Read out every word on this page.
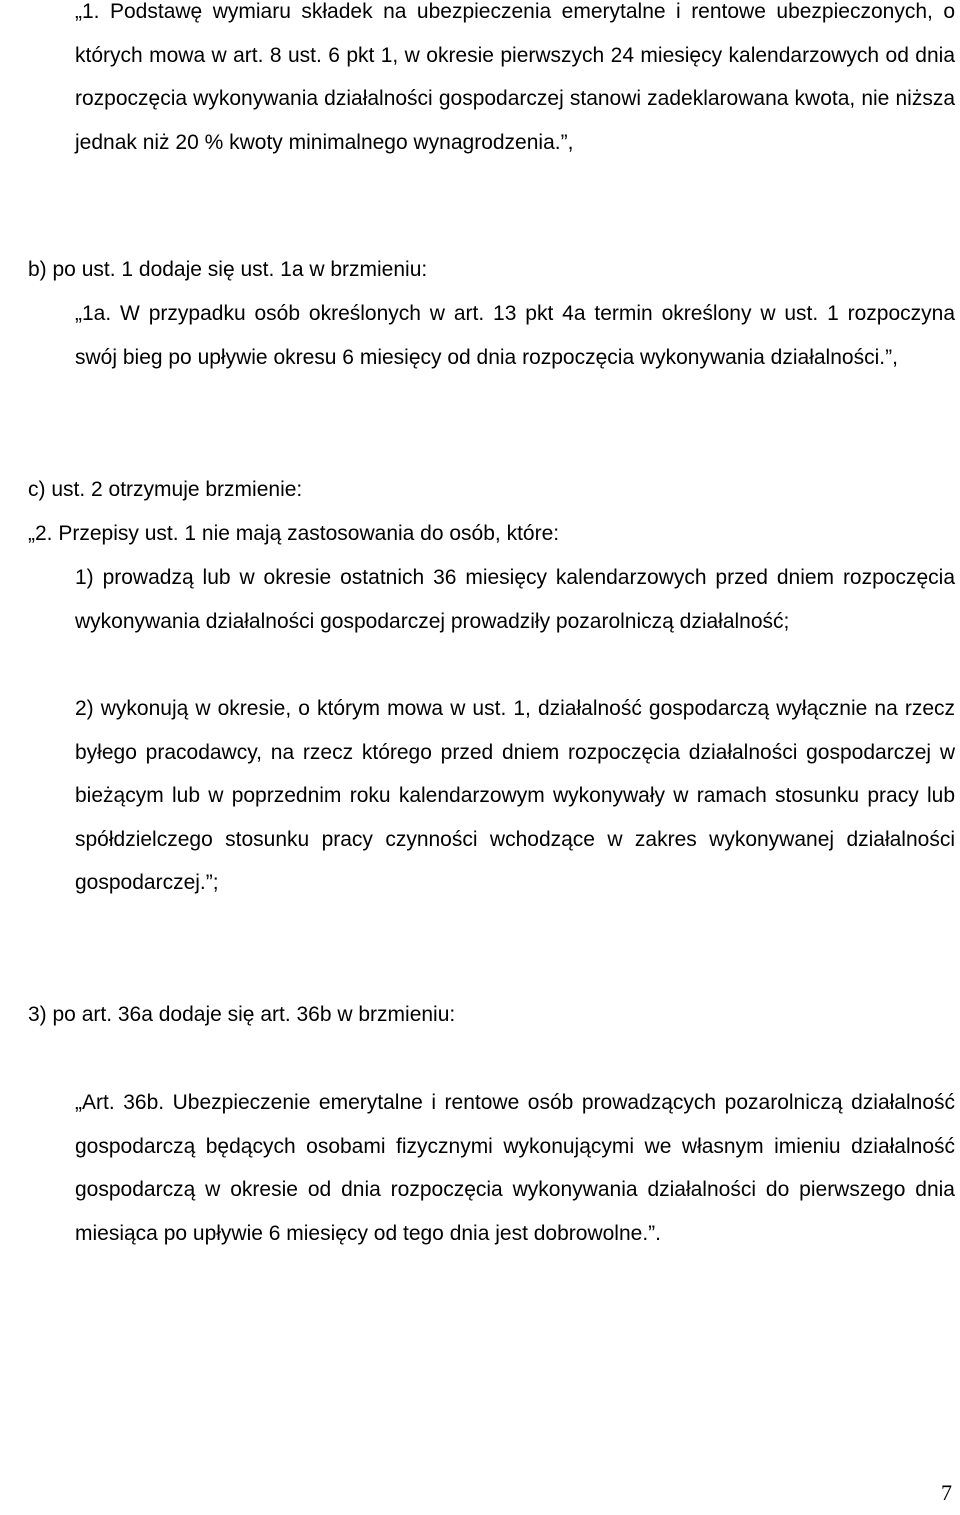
„1. Podstawę wymiaru składek na ubezpieczenia emerytalne i rentowe ubezpieczonych, o których mowa w art. 8 ust. 6 pkt 1, w okresie pierwszych 24 miesięcy kalendarzowych od dnia rozpoczęcia wykonywania działalności gospodarczej stanowi zadeklarowana kwota, nie niższa jednak niż 20 % kwoty minimalnego wynagrodzenia.”,

b) po ust. 1 dodaje się ust. 1a w brzmieniu:

„1a. W przypadku osób określonych w art. 13 pkt 4a termin określony w ust. 1 rozpoczyna swój bieg po upływie okresu 6 miesięcy od dnia rozpoczęcia wykonywania działalności.”,

c) ust. 2 otrzymuje brzmienie:

„2. Przepisy ust. 1 nie mają zastosowania do osób, które:

1) prowadzą lub w okresie ostatnich 36 miesięcy kalendarzowych przed dniem rozpoczęcia wykonywania działalności gospodarczej prowadziły pozarolniczą działalność;

2) wykonują w okresie, o którym mowa w ust. 1, działalność gospodarczą wyłącznie na rzecz byłego pracodawcy, na rzecz którego przed dniem rozpoczęcia działalności gospodarczej w bieżącym lub w poprzednim roku kalendarzowym wykonywały w ramach stosunku pracy lub spółdzielczego stosunku pracy czynności wchodzące w zakres wykonywanej działalności gospodarczej.”;

3) po art. 36a dodaje się art. 36b w brzmieniu:

„Art. 36b. Ubezpieczenie emerytalne i rentowe osób prowadzących pozarolniczą działalność gospodarczą będących osobami fizycznymi wykonującymi we własnym imieniu działalność gospodarczą w okresie od dnia rozpoczęcia wykonywania działalności do pierwszego dnia miesiąca po upływie 6 miesięcy od tego dnia jest dobrowolne.”.

7
